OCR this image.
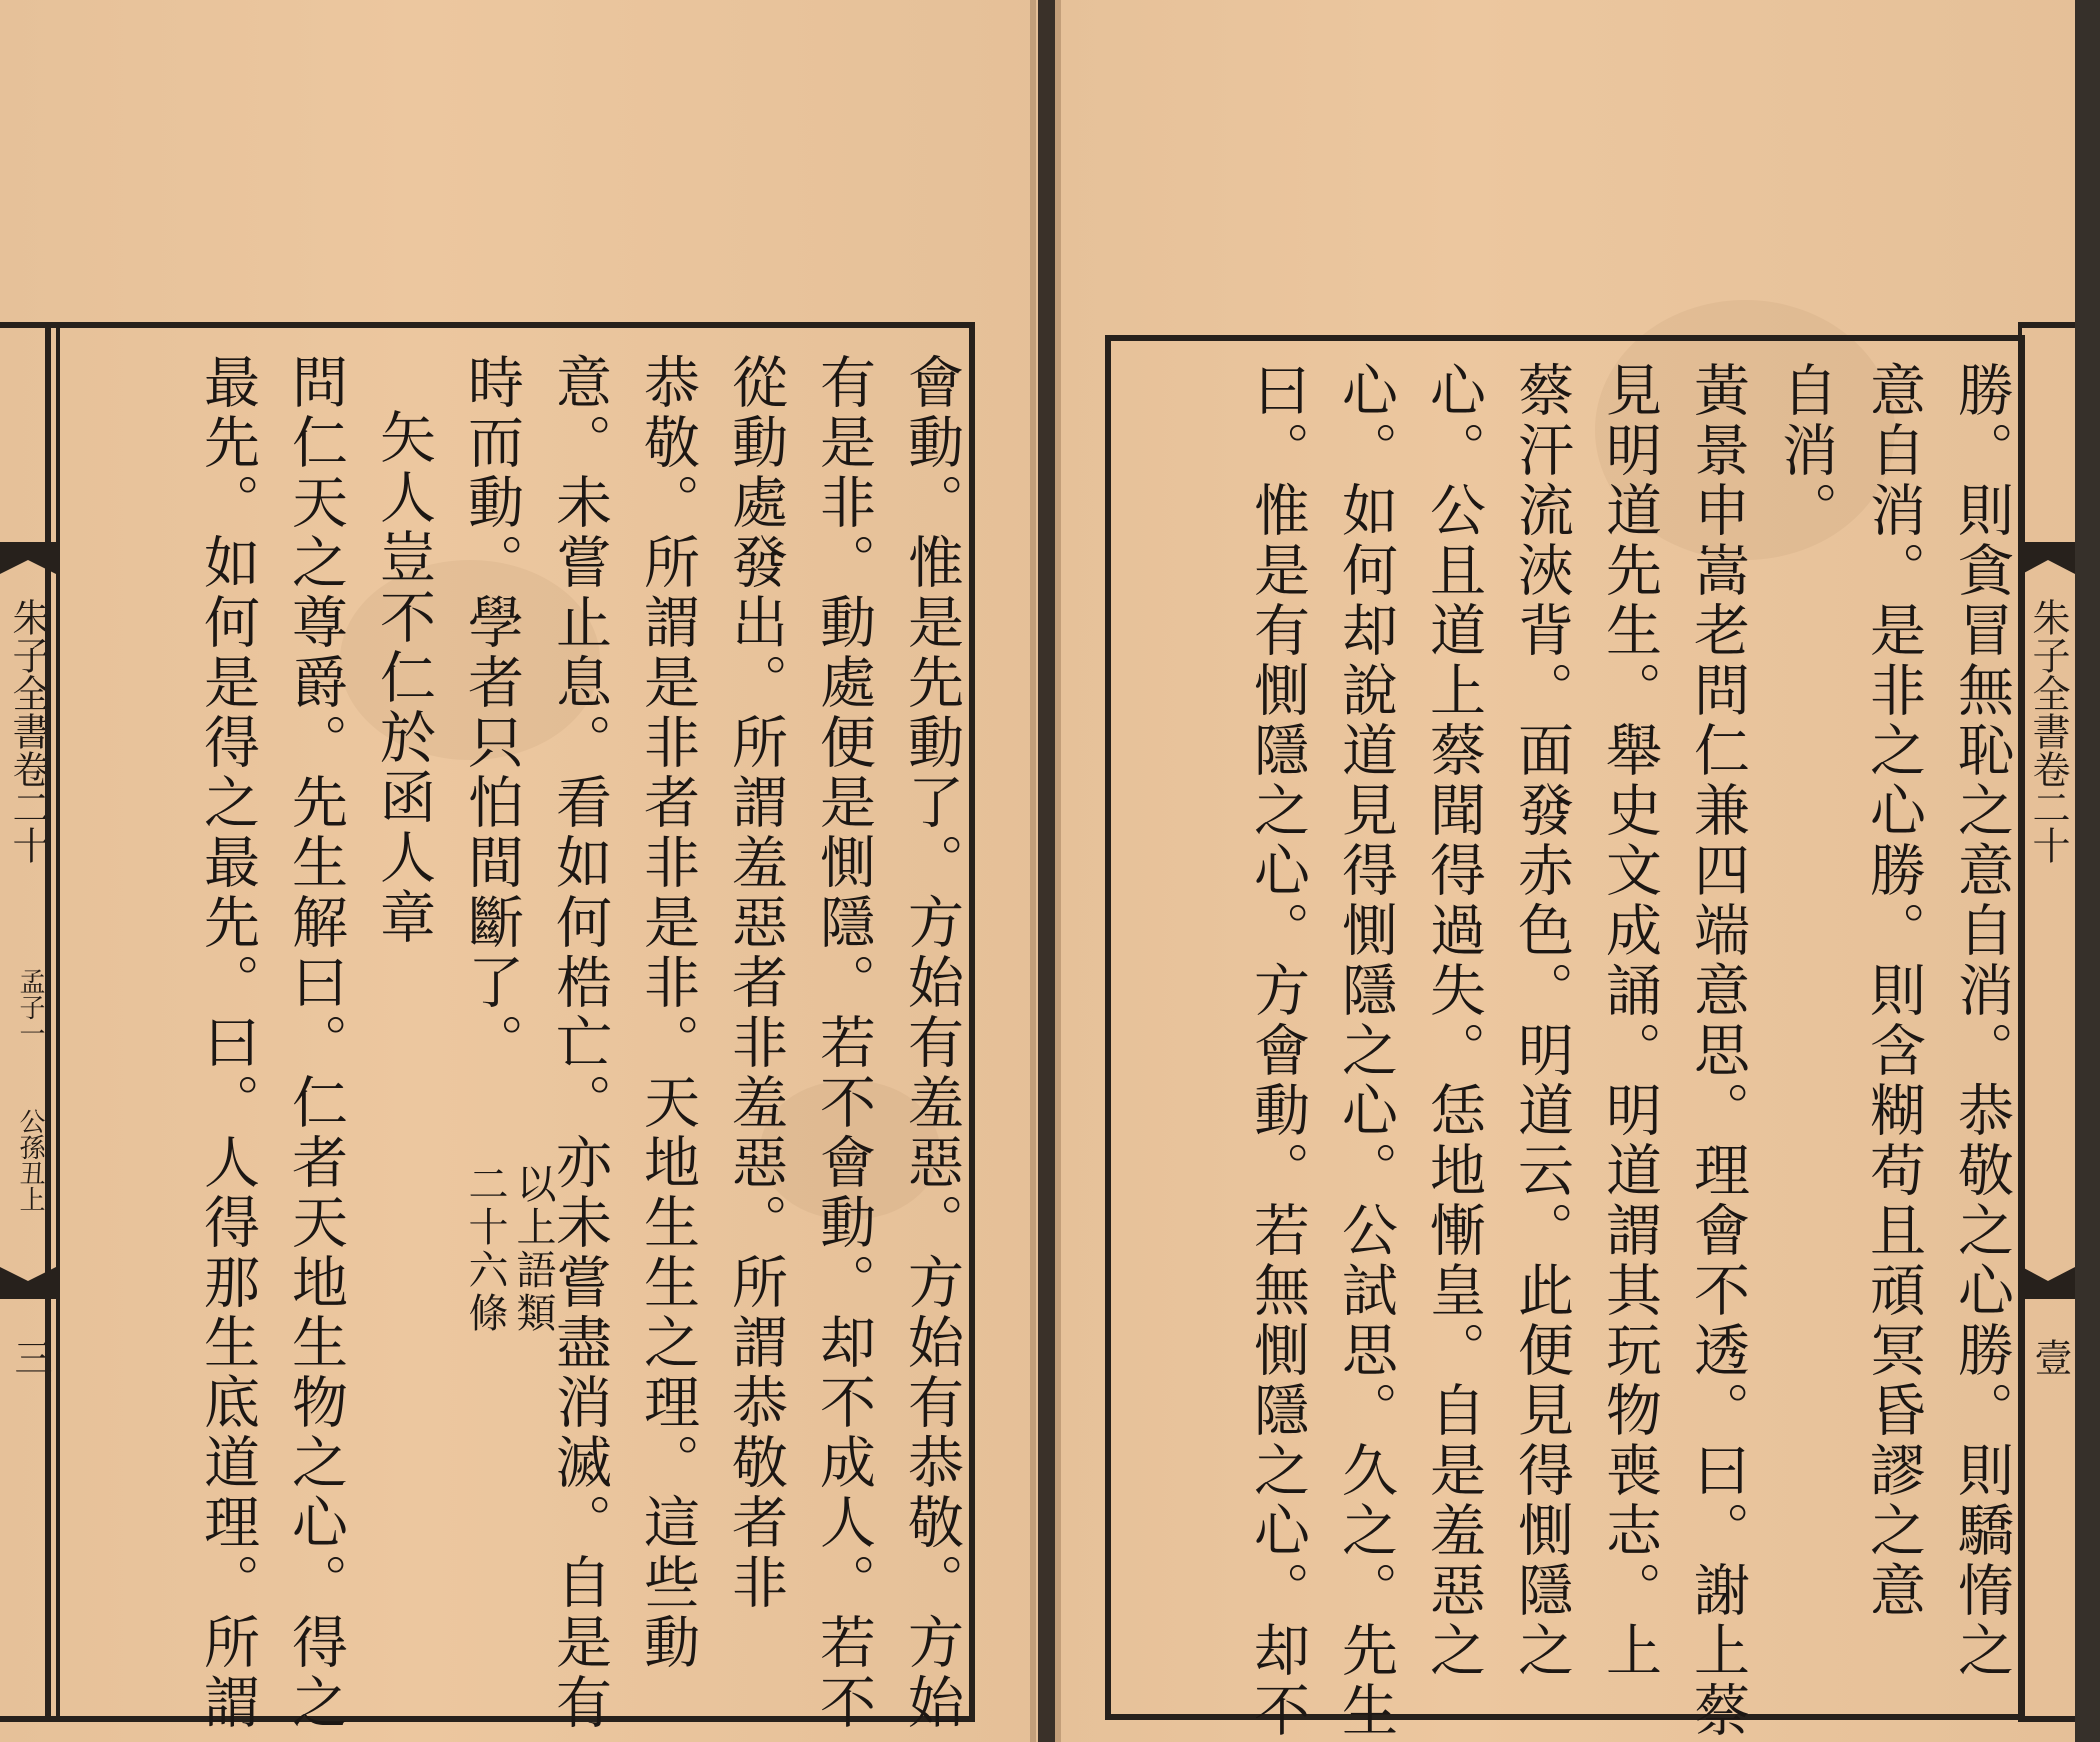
朱子全書卷二十
孟子一
公孫丑上
三	會動。惟是先動了。方始有羞惡。方始有恭敬。方始
有是非。動處便是惻隱。若不會動。却不成人。若不
從動處發出。所謂羞惡者非羞惡。所謂恭敬者非
恭敬。所謂是非者非是非。天地生生之理。這些動
意。未嘗止息。看如何梏亡。亦未嘗盡消滅。自是有
時而動。學者只怕間斷了。
以上語類
二十六條
矢人豈不仁於函人章
問仁天之尊爵。先生解曰。仁者天地生物之心。得之
最先。如何是得之最先。曰。人得那生底道理。所謂	勝。則貪冒無恥之意自消。恭敬之心勝。則驕惰之
意自消。是非之心勝。則含糊苟且頑冥昏謬之意
自消。
黃景申嵩老問仁兼四端意思。理會不透。曰。謝上蔡
見明道先生。舉史文成誦。明道謂其玩物喪志。上
蔡汗流浹背。面發赤色。明道云。此便見得惻隱之
心。公且道上蔡聞得過失。恁地慚皇。自是羞惡之
心。如何却說道見得惻隱之心。公試思。久之。先生
曰。惟是有惻隱之心。方會動。若無惻隱之心。却不	朱子全書卷二十
壹
